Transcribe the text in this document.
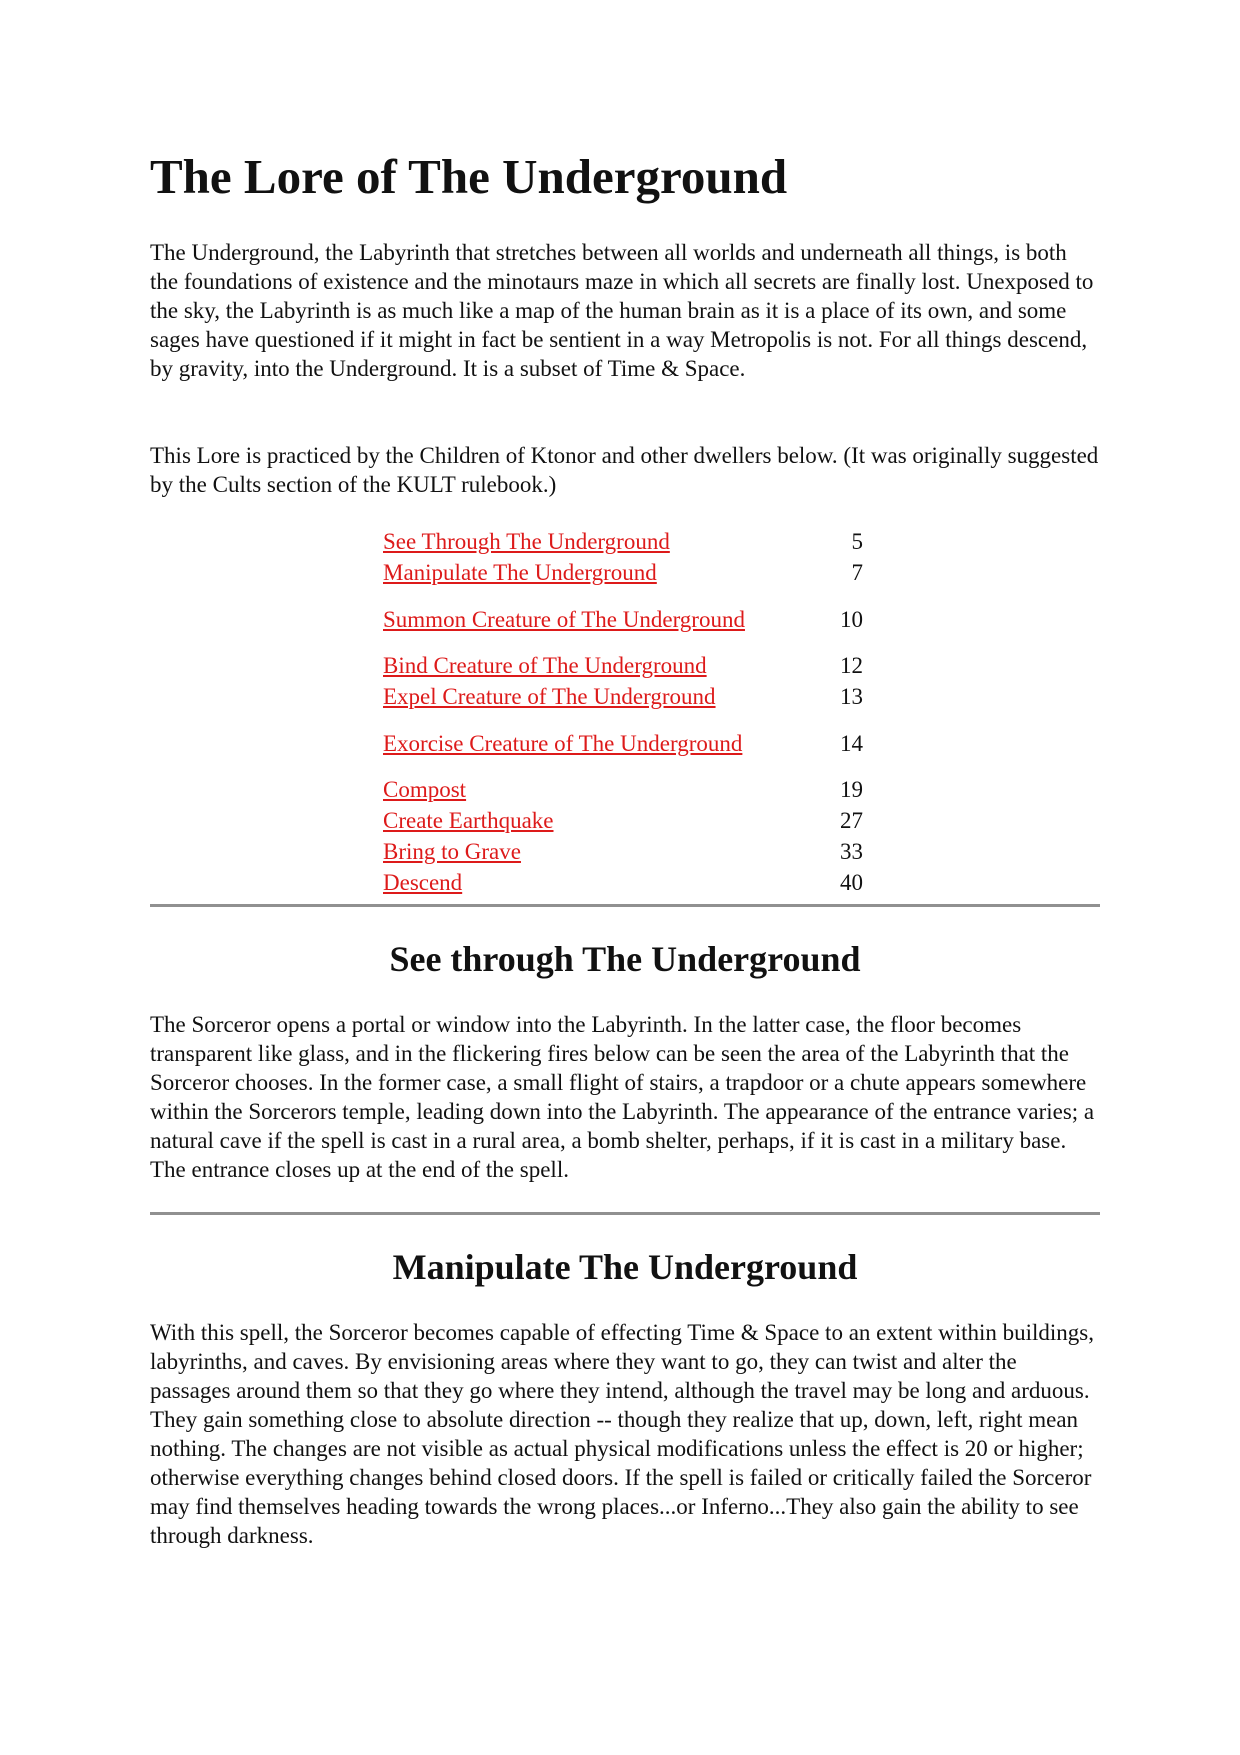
The Lore of The Underground

The Underground, the Labyrinth that stretches between all worlds and underneath all things, is both the foundations of existence and the minotaurs maze in which all secrets are finally lost. Unexposed to the sky, the Labyrinth is as much like a map of the human brain as it is a place of its own, and some sages have questioned if it might in fact be sentient in a way Metropolis is not. For all things descend, by gravity, into the Underground. It is a subset of Time & Space.

This Lore is practiced by the Children of Ktonor and other dwellers below. (It was originally suggested by the Cults section of the KULT rulebook.)

See Through The Underground	5
Manipulate The Underground	7
Summon Creature of The Underground	10
Bind Creature of The Underground	12
Expel Creature of The Underground	13
Exorcise Creature of The Underground	14
Compost	19
Create Earthquake	27
Bring to Grave	33
Descend	40
See through The Underground

The Sorceror opens a portal or window into the Labyrinth. In the latter case, the floor becomes transparent like glass, and in the flickering fires below can be seen the area of the Labyrinth that the Sorceror chooses. In the former case, a small flight of stairs, a trapdoor or a chute appears somewhere within the Sorcerors temple, leading down into the Labyrinth. The appearance of the entrance varies; a natural cave if the spell is cast in a rural area, a bomb shelter, perhaps, if it is cast in a military base. The entrance closes up at the end of the spell.

Manipulate The Underground

With this spell, the Sorceror becomes capable of effecting Time & Space to an extent within buildings, labyrinths, and caves. By envisioning areas where they want to go, they can twist and alter the passages around them so that they go where they intend, although the travel may be long and arduous. They gain something close to absolute direction -- though they realize that up, down, left, right mean nothing. The changes are not visible as actual physical modifications unless the effect is 20 or higher; otherwise everything changes behind closed doors. If the spell is failed or critically failed the Sorceror may find themselves heading towards the wrong places...or Inferno...They also gain the ability to see through darkness.
